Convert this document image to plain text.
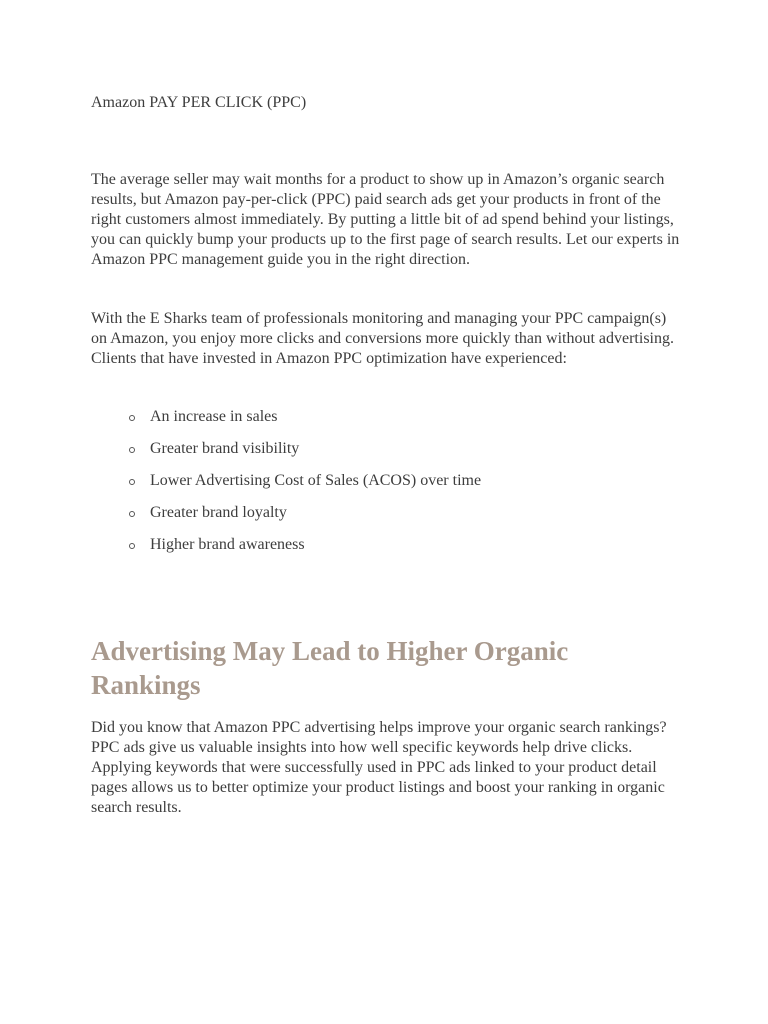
Amazon PAY PER CLICK (PPC)

The average seller may wait months for a product to show up in Amazon’s organic search results, but Amazon pay-per-click (PPC) paid search ads get your products in front of the right customers almost immediately. By putting a little bit of ad spend behind your listings, you can quickly bump your products up to the first page of search results. Let our experts in Amazon PPC management guide you in the right direction.

With the E Sharks team of professionals monitoring and managing your PPC campaign(s) on Amazon, you enjoy more clicks and conversions more quickly than without advertising. Clients that have invested in Amazon PPC optimization have experienced:

An increase in sales
Greater brand visibility
Lower Advertising Cost of Sales (ACOS) over time
Greater brand loyalty
Higher brand awareness
Advertising May Lead to Higher Organic Rankings

Did you know that Amazon PPC advertising helps improve your organic search rankings? PPC ads give us valuable insights into how well specific keywords help drive clicks. Applying keywords that were successfully used in PPC ads linked to your product detail pages allows us to better optimize your product listings and boost your ranking in organic search results.
